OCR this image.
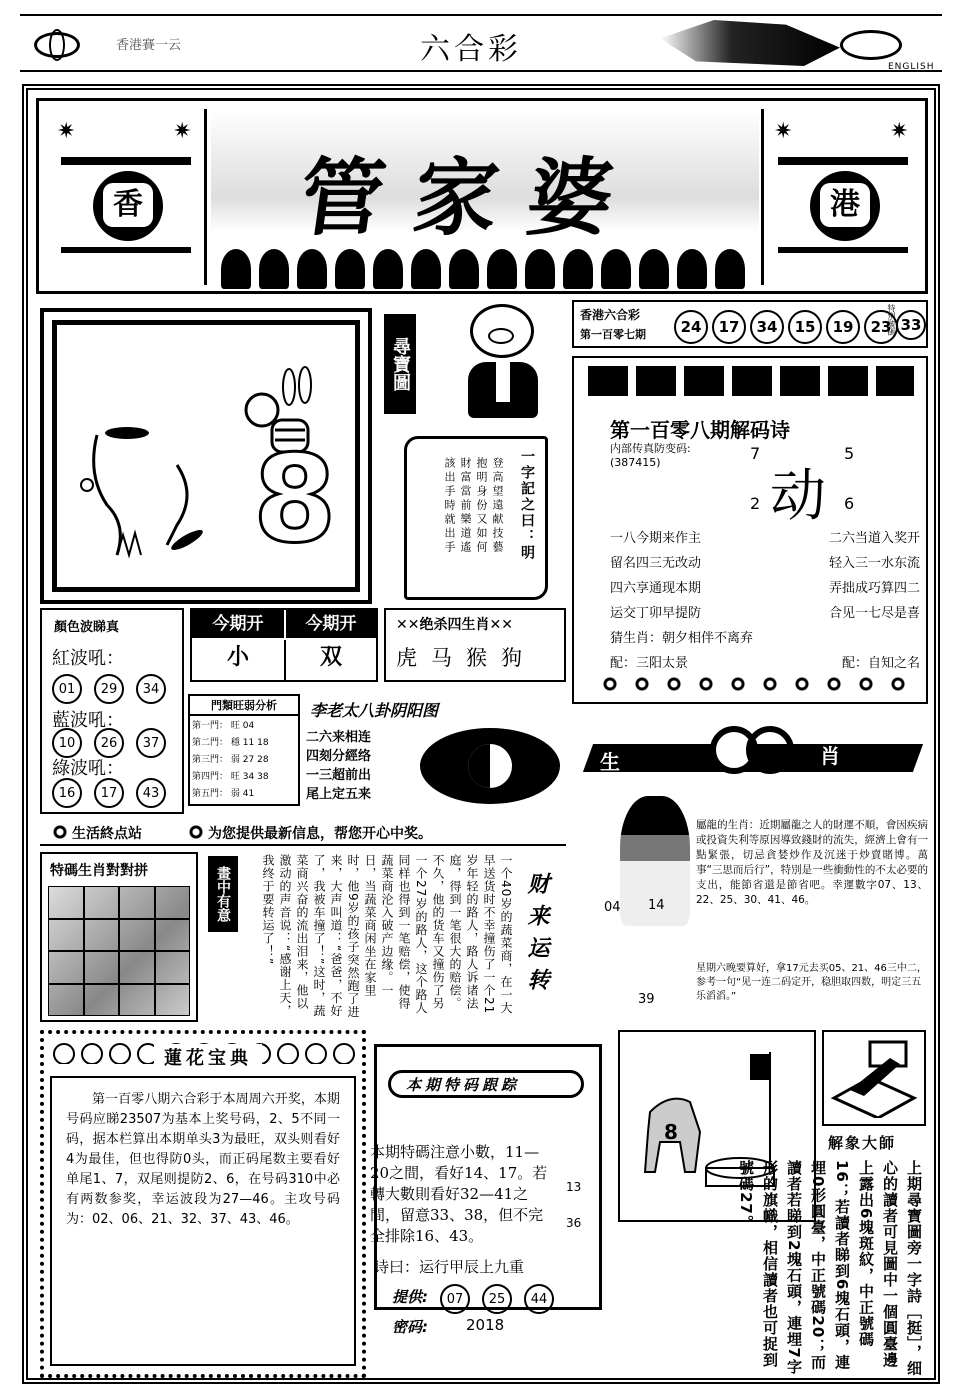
香港賽一云	六合彩	ENGLISH
✷	✷
香 管家婆
✷	✷
港
8
尋寶圖
一字記之曰：明
登高望遠献技藝
抱明身份又如何
財富當前樂道遙
該出手時就出手
香港六合彩
第一百零七期	24	17	34	15	19	23
特別號碼 33
第一百零八期解码诗
内部传真防变码:
(387415)	7	5
动
2	6
一八今期来作主	二六当道入奖开
留名四三无改动	轻入三一水东流
四六享通现本期	弄拙成巧算四二
运交丁卯早提防	合见一七尽是喜
猜生肖：朝夕相伴不离弃
配：三阳太景	配：自知之名
顏色波睇真
紅波吼：
01 29 34
藍波吼：
10 26 37
綠波吼：
16 17 43
今期开	今期开
小	双
✕✕绝杀四生肖✕✕
虎马猴狗
門類旺弱分析
第一門： 旺 04
第二門： 穩 11 18
第三門： 弱 27 28
第四門： 旺 34 38
第五門： 弱 41
李老太八卦阴阳图
二六来相连
四刻分經络
一三超前出
尾上定五来
生	肖
04 14
屬龍的生肖：近期屬龍之人的財運不順，會因疾病或投資失利等原因導致錢財的流失，經濟上會有一點緊張，切忌貪婪炒作及沉迷于炒賣賭博。萬事“三思而后行”，特別是一些衝動性的不太必要的支出，能節省還是節省吧。幸運數字07、13、22、25、30、41、46。
星期六晚要算好，拿17元去买05、21、46三中二，参考一句“见一连二码定开，稳胆取四数，明定三五乐滔滔。”
39
生活終点站	为您提供最新信息，帮您开心中奖。
特碼生肖對對拼	畫中有意	一个40岁的蔬菜商，在一大早送货时不幸撞伤了一个21岁年轻的路人，路人诉诸法庭，得到一笔很大的赔偿。不久，他的货车又撞伤了另一个27岁的路人，这个路人同样也得到一笔赔偿，使得蔬菜商沦入破产边缘。一日，当蔬菜商闲坐在家里时，他9岁的孩子突然跑了进来，大声叫道：“爸爸，不好了，我被车撞了！”这时，蔬菜商兴奋的流出泪来，他以激动的声音说：“感谢上天，我终于要转运了！”	财来运转
蓮花宝典
第一百零八期六合彩于本周周六开奖，本期号码应睇23507为基本上奖号码，2、5不同一码，据本栏算出本期单头3为最旺，双头则看好4为最佳，但也得防0头，而正码尾数主要看好单尾1、7，双尾则提防2、6，在号码310中必有两数参奖，幸运波段为27—46。主攻号码为：02、06、21、32、37、43、46。
本期特码跟踪
本期特碼注意小數，11—20之間，看好14、17。若轉大數則看好32—41之間，留意33、38，但不完全排除16、43。
13
36
诗曰：运行甲辰上九重
提供:	07 25 44
密码:	2018
8	解象大師
上期尋寶圖旁一字詩［挺］，细心的讀者可見圖中一個圓臺邊上露出6塊斑紋，中正號碼16；若讀者睇到6塊石頭，連埋0形圓臺，中正號碼20；而讀者若睇到2塊石頭，連埋7字形的旗幟，相信讀者也可捉到號碼27。
